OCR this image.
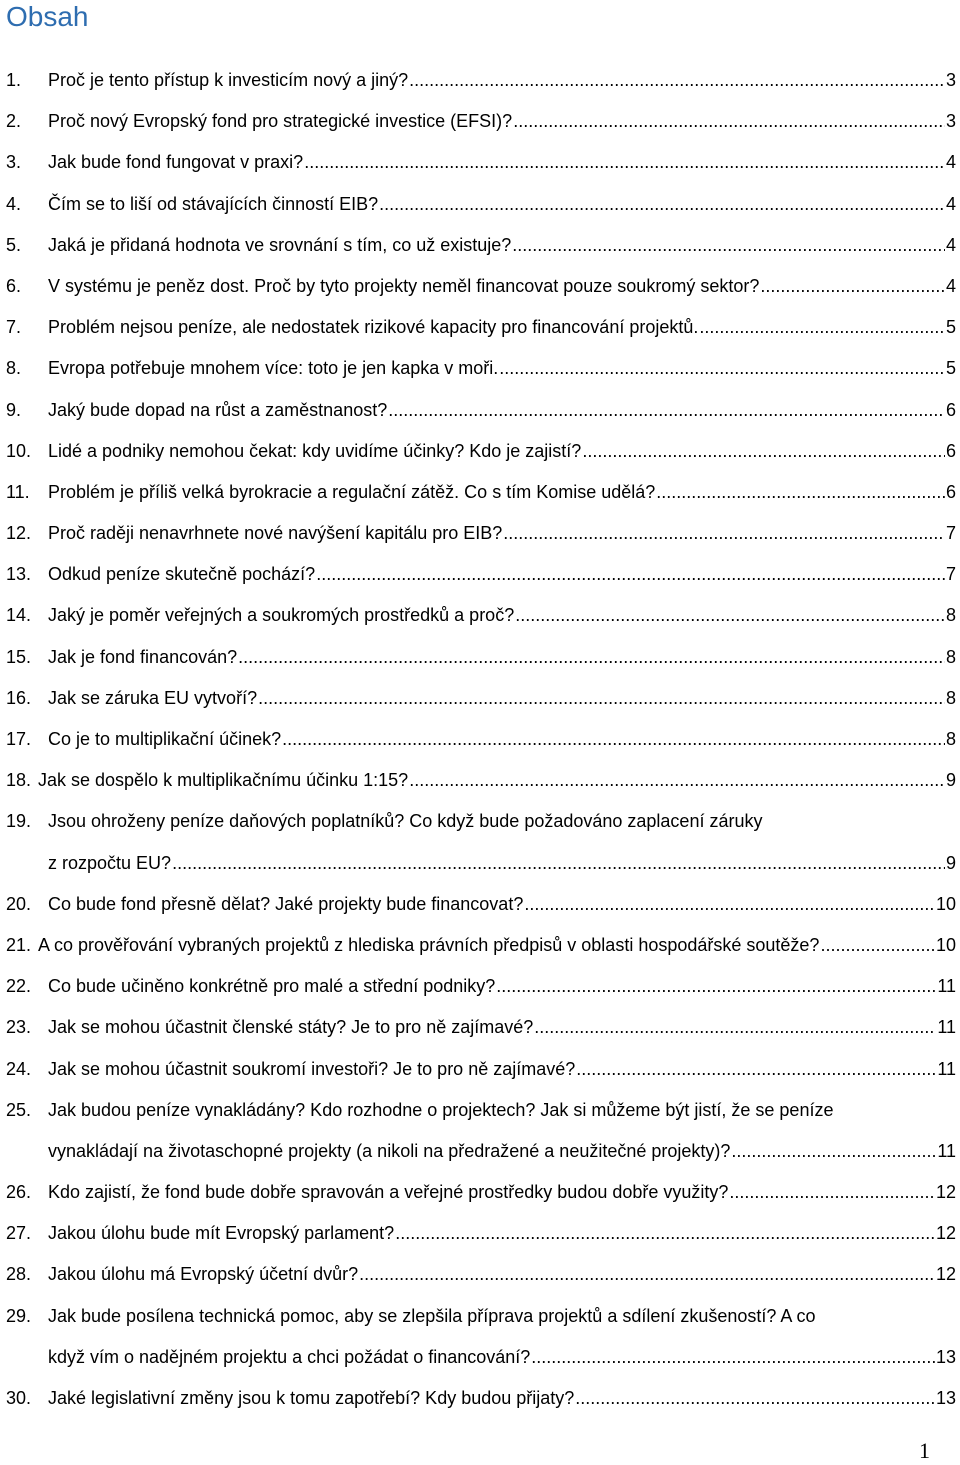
Obsah
1.	Proč je tento přístup k investicím nový a jiný? .....	3
2.	Proč nový Evropský fond pro strategické investice (EFSI)? .....	3
3.	Jak bude fond fungovat v praxi? .....	4
4.	Čím se to liší od stávajících činností EIB? .....	4
5.	Jaká je přidaná hodnota ve srovnání s tím, co už existuje? .....	4
6.	V systému je peněz dost. Proč by tyto projekty neměl financovat pouze soukromý sektor? .....	4
7.	Problém nejsou peníze, ale nedostatek rizikové kapacity pro financování projektů. .....	5
8.	Evropa potřebuje mnohem více: toto je jen kapka v moři. .....	5
9.	Jaký bude dopad na růst a zaměstnanost? .....	6
10. Lidé a podniky nemohou čekat: kdy uvidíme účinky? Kdo je zajistí? .....	6
11.	Problém je příliš velká byrokracie a regulační zátěž. Co s tím Komise udělá? .....	6
12. Proč raději nenavrhnete nové navýšení kapitálu pro EIB? .....	7
13. Odkud peníze skutečně pochází? .....	7
14. Jaký je poměr veřejných a soukromých prostředků a proč? .....	8
15. Jak je fond financován? .....	8
16. Jak se záruka EU vytvoří? .....	8
17. Co je to multiplikační účinek? .....	8
18. Jak se dospělo k multiplikačnímu účinku 1:15? .....	9
19. Jsou ohroženy peníze daňových poplatníků? Co když bude požadováno zaplacení záruky
z rozpočtu EU? .....	9
20. Co bude fond přesně dělat? Jaké projekty bude financovat? .....	10
21. A co prověřování vybraných projektů z hlediska právních předpisů v oblasti hospodářské soutěže? .....	10
22. Co bude učiněno konkrétně pro malé a střední podniky? .....	11
23. Jak se mohou účastnit členské státy? Je to pro ně zajímavé? .....	11
24. Jak se mohou účastnit soukromí investoři? Je to pro ně zajímavé? .....	11
25. Jak budou peníze vynakládány? Kdo rozhodne o projektech? Jak si můžeme být jistí, že se peníze
vynakládají na životaschopné projekty (a nikoli na předražené a neužitečné projekty)? .....	11
26. Kdo zajistí, že fond bude dobře spravován a veřejné prostředky budou dobře využity? .....	12
27. Jakou úlohu bude mít Evropský parlament? .....	12
28. Jakou úlohu má Evropský účetní dvůr? .....	12
29. Jak bude posílena technická pomoc, aby se zlepšila příprava projektů a sdílení zkušeností? A co
když vím o nadějném projektu a chci požádat o financování? .....	13
30. Jaké legislativní změny jsou k tomu zapotřebí? Kdy budou přijaty? .....	13
1
